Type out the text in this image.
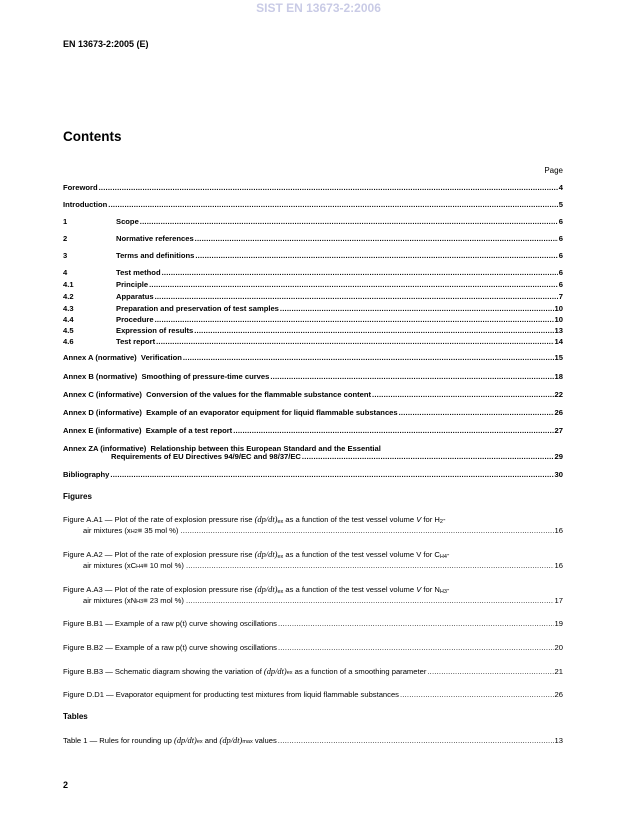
SIST EN 13673-2:2006
EN 13673-2:2005 (E)
Contents
Page
Foreword .....	4
Introduction .....	5
1	Scope .....	6
2	Normative references .....	6
3	Terms and definitions .....	6
4	Test method .....	6
4.1	Principle .....	6
4.2	Apparatus .....	7
4.3	Preparation and preservation of test samples .....	10
4.4	Procedure .....	10
4.5	Expression of results .....	13
4.6	Test report .....	14
Annex A (normative)  Verification .....	15
Annex B (normative)  Smoothing of pressure-time curves .....	18
Annex C (informative)  Conversion of the values for the flammable substance content .....	22
Annex D (informative)  Example of an evaporator equipment for liquid flammable substances .....	26
Annex E (informative)  Example of a test report .....	27
Annex ZA (informative)  Relationship between this European Standard and the Essential
Requirements of EU Directives 94/9/EC and 98/37/EC .....	29
Bibliography .....	30
Figures
Figure A.A1 — Plot of the rate of explosion pressure rise $(dp/dt)_{ex}$ as a function of the test vessel volume V for $H_2-$
air mixtures (x H2 ≡ 35 mol %) .....	16
Figure A.A2 — Plot of the rate of explosion pressure rise $(dp/dt)_{ex}$ as a function of the test vessel volume V for $C_{H4}-$
air mixtures (xC H4 ≡ 10 mol %) .....	16
Figure A.A3 — Plot of the rate of explosion pressure rise $(dp/dt)_{ex}$ as a function of the test vessel volume V for $N_{H3}-$
air mixtures (xN H3 ≡ 23 mol %) .....	17
Figure B.B1 — Example of a raw p(t) curve showing oscillations .....	19
Figure B.B2 — Example of a raw p(t) curve showing oscillations .....	20
Figure B.B3 — Schematic diagram showing the variation of (dp/dt) ex as a function of a smoothing parameter .....	21
Figure D.D1 — Evaporator equipment for producting test mixtures from liquid flammable substances .....	26
Tables
Table 1 — Rules for rounding up (dp/dt) ex and (dp/dt) max values .....	13
2
